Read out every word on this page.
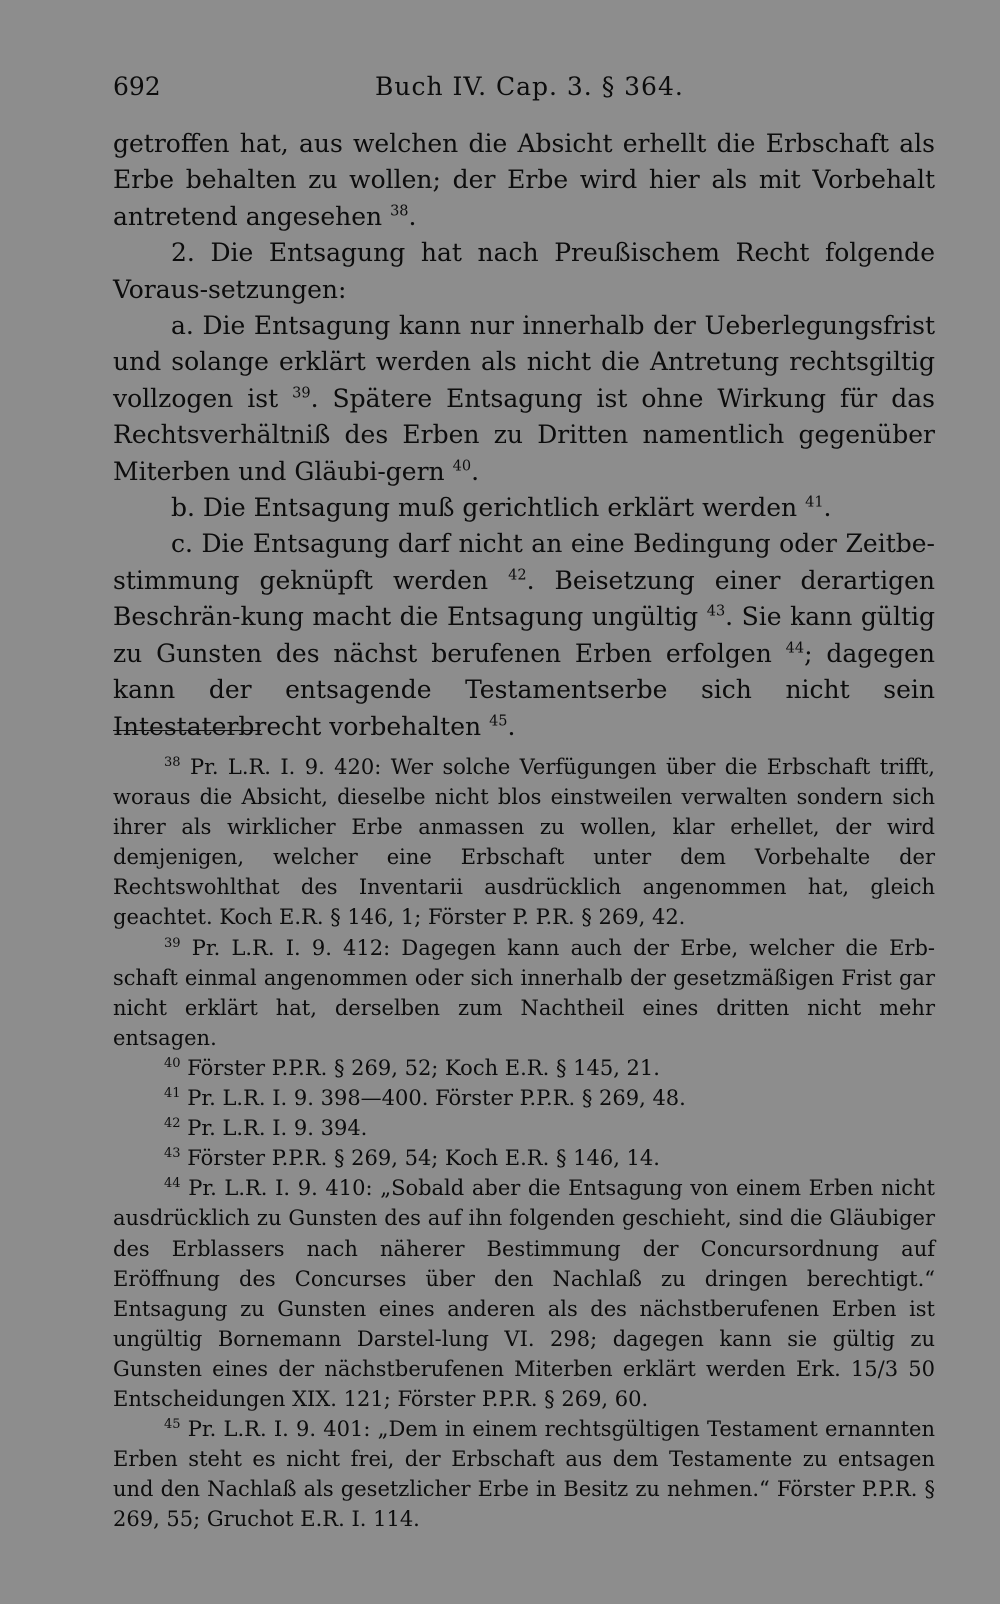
692	Buch IV. Cap. 3. § 364.

getroffen hat, aus welchen die Absicht erhellt die Erbschaft als Erbe behalten zu wollen; der Erbe wird hier als mit Vorbehalt antretend angesehen $^{38}$.

2. Die Entsagung hat nach Preußischem Recht folgende Voraus-setzungen:

a. Die Entsagung kann nur innerhalb der Ueberlegungsfrist und solange erklärt werden als nicht die Antretung rechtsgiltig vollzogen ist $^{39}$. Spätere Entsagung ist ohne Wirkung für das Rechtsverhältniß des Erben zu Dritten namentlich gegenüber Miterben und Gläubi-gern $^{40}$.

b. Die Entsagung muß gerichtlich erklärt werden $^{41}$.

c. Die Entsagung darf nicht an eine Bedingung oder Zeitbe-stimmung geknüpft werden $^{42}$. Beisetzung einer derartigen Beschrän-kung macht die Entsagung ungültig $^{43}$. Sie kann gültig zu Gunsten des nächst berufenen Erben erfolgen $^{44}$; dagegen kann der entsagende Testamentserbe sich nicht sein Intestaterbrecht vorbehalten $^{45}$.

$^{38}$ Pr. L.R. I. 9. 420: Wer solche Verfügungen über die Erbschaft trifft, woraus die Absicht, dieselbe nicht blos einstweilen verwalten sondern sich ihrer als wirklicher Erbe anmassen zu wollen, klar erhellet, der wird demjenigen, welcher eine Erbschaft unter dem Vorbehalte der Rechtswohlthat des Inventarii ausdrücklich angenommen hat, gleich geachtet. Koch E.R. § 146, 1; Förster P. P.R. § 269, 42.

$^{39}$ Pr. L.R. I. 9. 412: Dagegen kann auch der Erbe, welcher die Erb-schaft einmal angenommen oder sich innerhalb der gesetzmäßigen Frist gar nicht erklärt hat, derselben zum Nachtheil eines dritten nicht mehr entsagen.

$^{40}$ Förster P.P.R. § 269, 52; Koch E.R. § 145, 21.

$^{41}$ Pr. L.R. I. 9. 398—400. Förster P.P.R. § 269, 48.

$^{42}$ Pr. L.R. I. 9. 394.

$^{43}$ Förster P.P.R. § 269, 54; Koch E.R. § 146, 14.

$^{44}$ Pr. L.R. I. 9. 410: „Sobald aber die Entsagung von einem Erben nicht ausdrücklich zu Gunsten des auf ihn folgenden geschieht, sind die Gläubiger des Erblassers nach näherer Bestimmung der Concursordnung auf Eröffnung des Concurses über den Nachlaß zu dringen berechtigt.“ Entsagung zu Gunsten eines anderen als des nächstberufenen Erben ist ungültig Bornemann Darstel-lung VI. 298; dagegen kann sie gültig zu Gunsten eines der nächstberufenen Miterben erklärt werden Erk. 15/3 50 Entscheidungen XIX. 121; Förster P.P.R. § 269, 60.

$^{45}$ Pr. L.R. I. 9. 401: „Dem in einem rechtsgültigen Testament ernannten Erben steht es nicht frei, der Erbschaft aus dem Testamente zu entsagen und den Nachlaß als gesetzlicher Erbe in Besitz zu nehmen.“ Förster P.P.R. § 269, 55; Gruchot E.R. I. 114.
